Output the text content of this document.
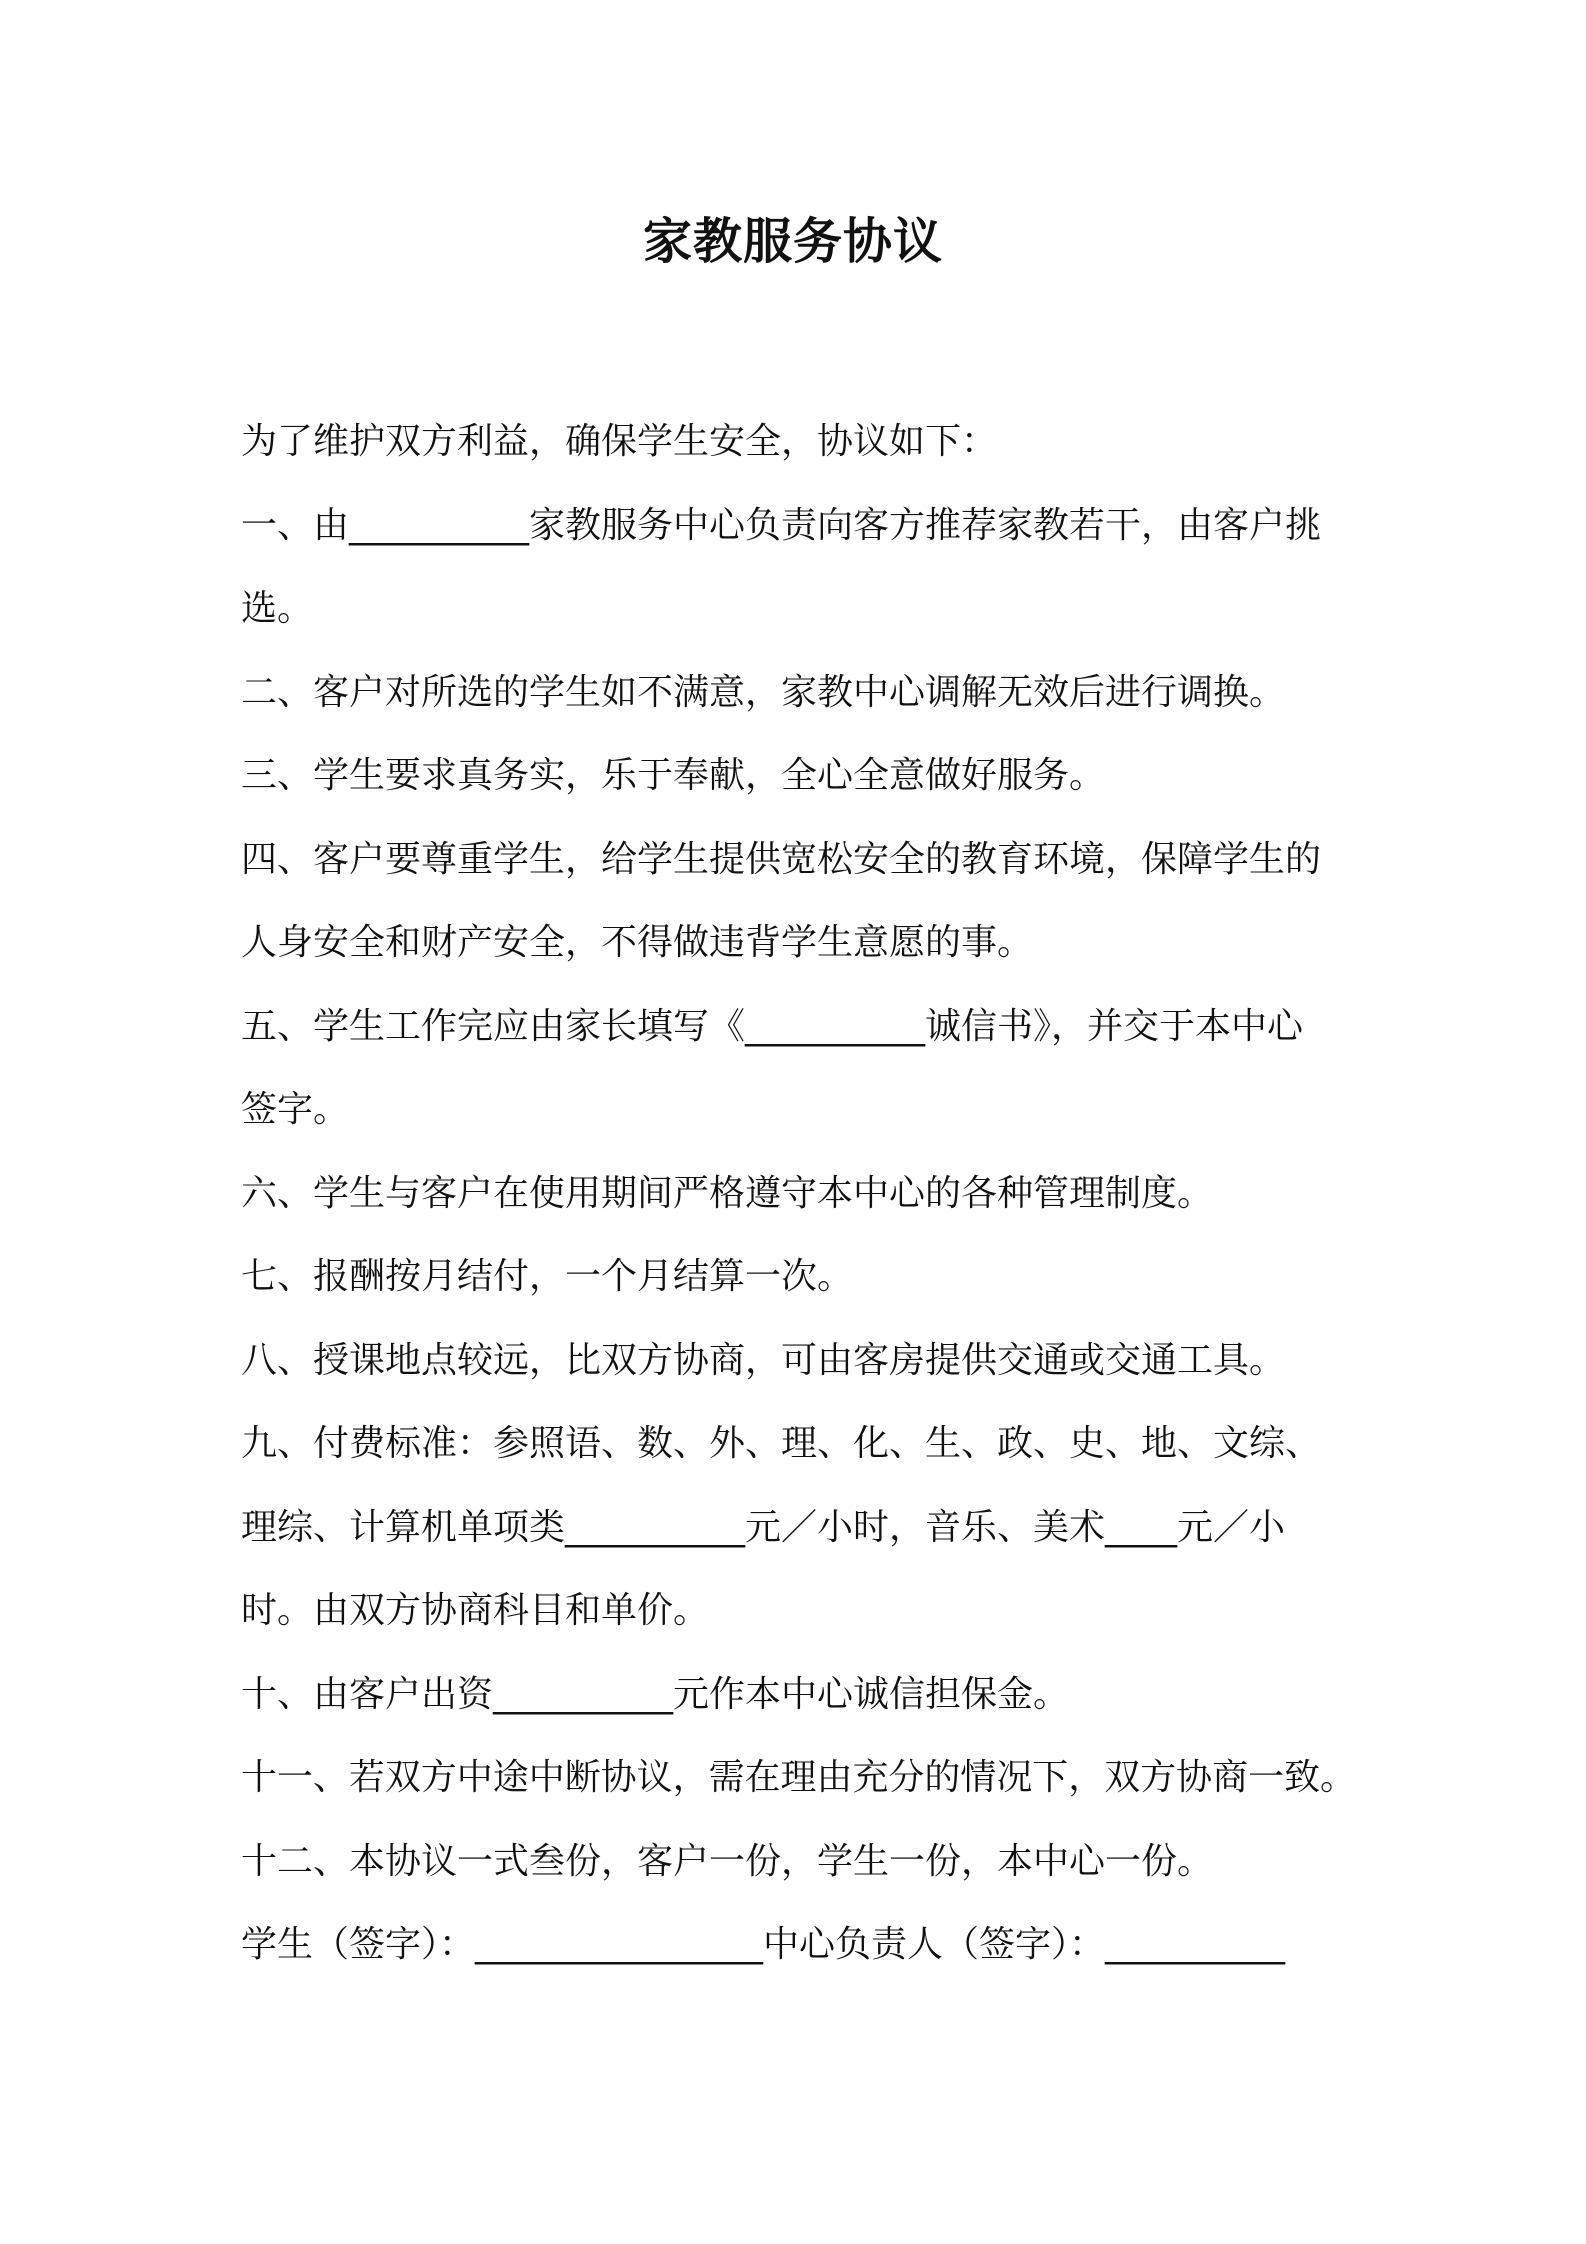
家教服务协议
为了维护双方利益，确保学生安全，协议如下：
一、由__________家教服务中心负责向客方推荐家教若干，由客户挑
选。
二、客户对所选的学生如不满意，家教中心调解无效后进行调换。
三、学生要求真务实，乐于奉献，全心全意做好服务。
四、客户要尊重学生，给学生提供宽松安全的教育环境，保障学生的
人身安全和财产安全，不得做违背学生意愿的事。
五、学生工作完应由家长填写《__________诚信书》，并交于本中心
签字。
六、学生与客户在使用期间严格遵守本中心的各种管理制度。
七、报酬按月结付，一个月结算一次。
八、授课地点较远，比双方协商，可由客房提供交通或交通工具。
九、付费标准：参照语、数、外、理、化、生、政、史、地、文综、
理综、计算机单项类__________元／小时，音乐、美术____元／小
时。由双方协商科目和单价。
十、由客户出资__________元作本中心诚信担保金。
十一、若双方中途中断协议，需在理由充分的情况下，双方协商一致。
十二、本协议一式叁份，客户一份，学生一份，本中心一份。
学生（签字）：________________中心负责人（签字）：__________
